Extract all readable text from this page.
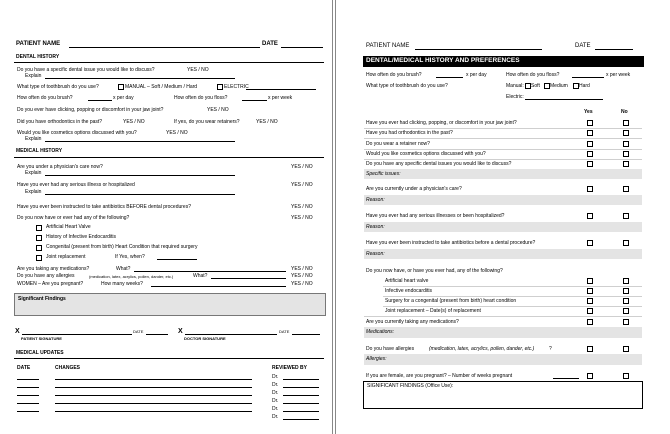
PATIENT NAME	DATE
DENTAL HISTORY
Do you have a specific dental issue you would like to discuss?	YES / NO
Explain
What type of toothbrush do you use?	MANUAL – Soft / Medium / Hard	ELECTRIC
How often do you brush?	x per day	How often do you floss?	x per week
Do you ever have clicking, popping or discomfort in your jaw joint?	YES / NO
Did you have orthodontics in the past?	YES / NO	If yes, do you wear retainers?	YES / NO
Would you like cosmetics options discussed with you?	YES / NO
Explain
MEDICAL HISTORY
Are you under a physician's care now?	YES / NO
Explain
Have you ever had any serious illness or hospitalized	YES / NO
Explain
Have you ever been instructed to take antibiotics BEFORE dental procedures?	YES / NO
Do you now have or ever had any of the following?	YES / NO
Artificial Heart Valve
History of Infective Endocarditis
Congenital (present from birth) Heart Condition that required surgery
Joint replacement	If Yes, when?
Are you taking any medications?	What?	YES / NO
Do you have any allergies	(medication, latex, acrylics, pollen, dander, etc.)	What?	YES / NO
WOMEN – Are you pregnant?	How many weeks?	YES / NO
Significant Findings
X	DATE
PATIENT SIGNATURE
X	DATE
DOCTOR SIGNATURE
MEDICAL UPDATES
DATE	CHANGES	REVIEWED BY
Dr.
Dr.
Dr.
Dr.
Dr.
Dr.
PATIENT NAME	DATE
DENTAL/MEDICAL HISTORY AND PREFERENCES
How often do you brush?	x per day	How often do you floss?	x per week
What type of toothbrush do you use?	Manual: Soft Medium Hard
Electric:
Yes	No
Have you ever had clicking, popping, or discomfort in your jaw joint?
Have you had orthodontics in the past?
Do you wear a retainer now?
Would you like cosmetics options discussed with you?
Do you have any specific dental issues you would like to discuss?
Specific issues:
Are you currently under a physician's care?
Reason:
Have you ever had any serious illnesses or been hospitalized?
Reason:
Have you ever been instructed to take antibiotics before a dental procedure?
Reason:
Do you now have, or have you ever had, any of the following?
Artificial heart valve
Infective endocarditis
Surgery for a congenital (present from birth) heart condition
Joint replacement – Date(s) of replacement
Are you currently taking any medications?
Medications:
Do you have allergies	(medication, latex, acrylics, pollen, dander, etc.)	?
Allergies:
If you are female, are you pregnant? – Number of weeks pregnant
SIGNIFICANT FINDINGS (Office Use):
